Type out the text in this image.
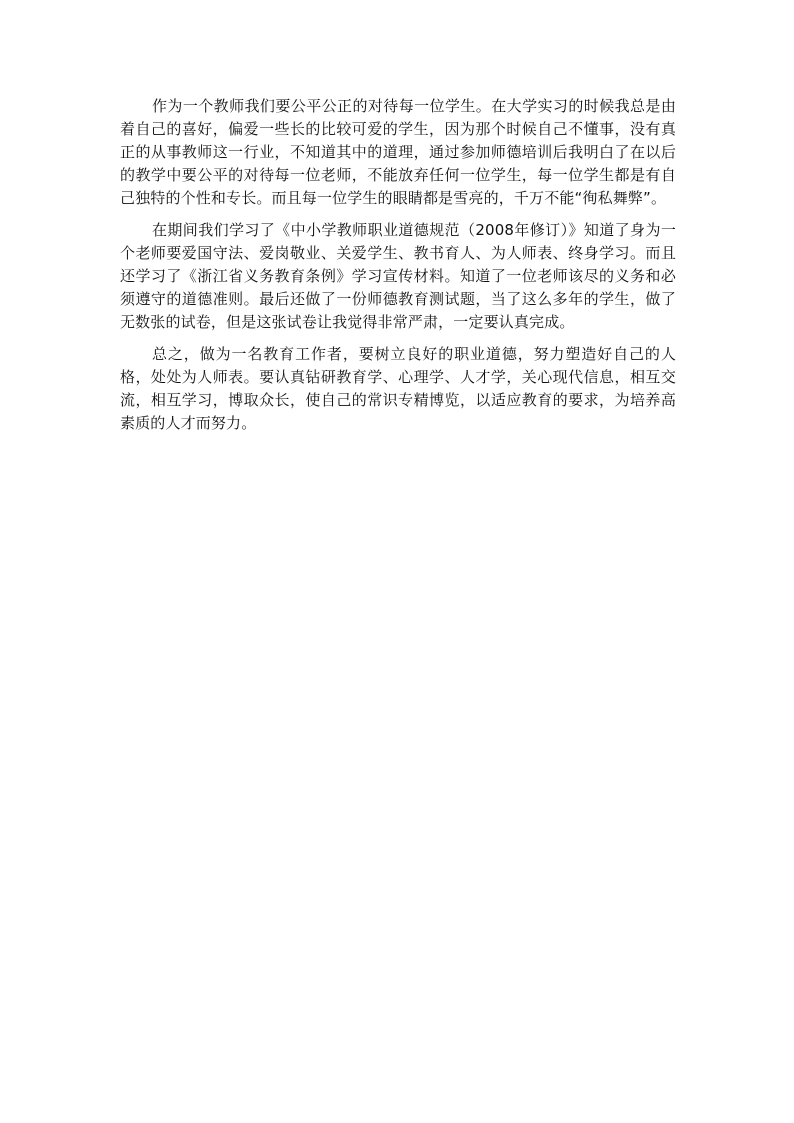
作为一个教师我们要公平公正的对待每一位学生。在大学实习的时候我总是由着自己的喜好，偏爱一些长的比较可爱的学生，因为那个时候自己不懂事，没有真正的从事教师这一行业，不知道其中的道理，通过参加师德培训后我明白了在以后的教学中要公平的对待每一位老师，不能放弃任何一位学生，每一位学生都是有自己独特的个性和专长。而且每一位学生的眼睛都是雪亮的，千万不能“徇私舞弊”。

在期间我们学习了《中小学教师职业道德规范（2008年修订）》知道了身为一个老师要爱国守法、爱岗敬业、关爱学生、教书育人、为人师表、终身学习。而且还学习了《浙江省义务教育条例》学习宣传材料。知道了一位老师该尽的义务和必须遵守的道德准则。最后还做了一份师德教育测试题，当了这么多年的学生，做了无数张的试卷，但是这张试卷让我觉得非常严肃，一定要认真完成。

总之，做为一名教育工作者，要树立良好的职业道德，努力塑造好自己的人格，处处为人师表。要认真钻研教育学、心理学、人才学，关心现代信息，相互交流，相互学习，博取众长，使自己的常识专精博览，以适应教育的要求，为培养高素质的人才而努力。
